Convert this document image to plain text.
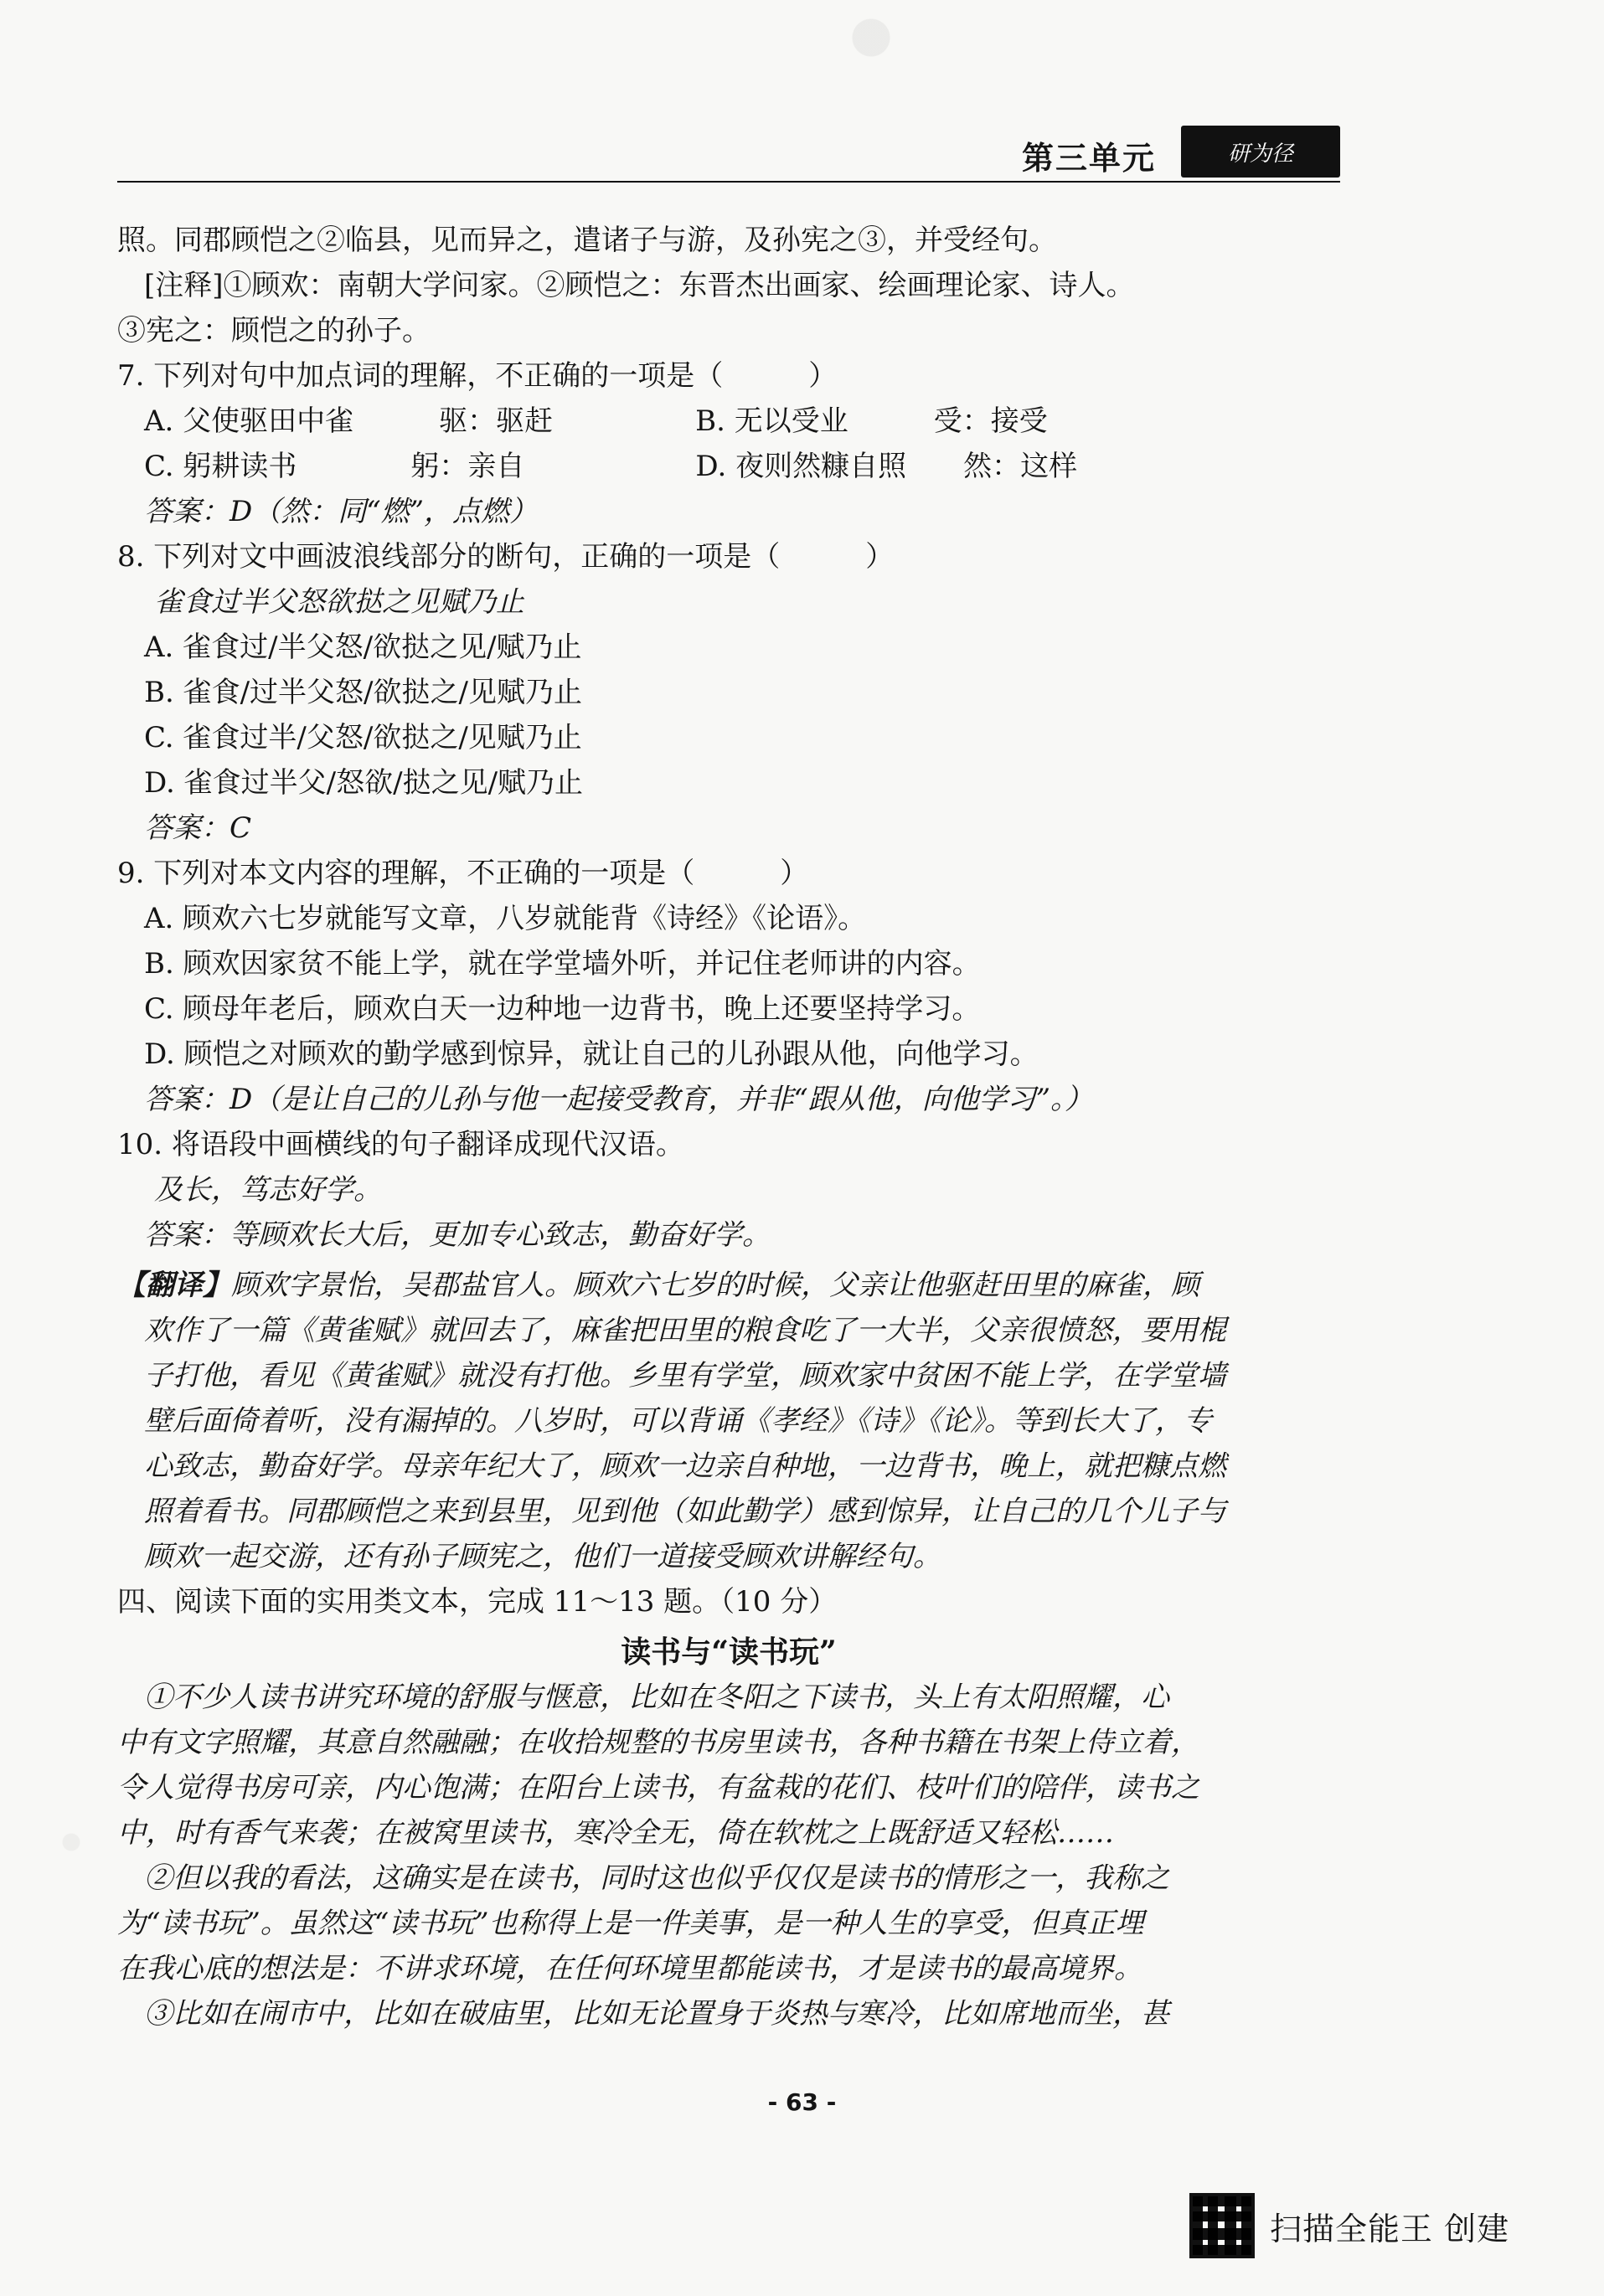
第三单元	研为径
照。同郡顾恺之②临县，见而异之，遣诸子与游，及孙宪之③，并受经句。
[注释]①顾欢：南朝大学问家。②顾恺之：东晋杰出画家、绘画理论家、诗人。
③宪之：顾恺之的孙子。
7. 下列对句中加点词的理解，不正确的一项是（　　　）
A. 父使驱田中雀　　　驱：驱赶　　　　　B. 无以受业　　　受：接受
C. 躬耕读书　　　　躬：亲自　　　　　　D. 夜则然糠自照　　然：这样
答案：D（然：同“燃”，点燃）
8. 下列对文中画波浪线部分的断句，正确的一项是（　　　）
雀食过半父怒欲挞之见赋乃止
A. 雀食过/半父怒/欲挞之见/赋乃止
B. 雀食/过半父怒/欲挞之/见赋乃止
C. 雀食过半/父怒/欲挞之/见赋乃止
D. 雀食过半父/怒欲/挞之见/赋乃止
答案：C
9. 下列对本文内容的理解，不正确的一项是（　　　）
A. 顾欢六七岁就能写文章，八岁就能背《诗经》《论语》。
B. 顾欢因家贫不能上学，就在学堂墙外听，并记住老师讲的内容。
C. 顾母年老后，顾欢白天一边种地一边背书，晚上还要坚持学习。
D. 顾恺之对顾欢的勤学感到惊异，就让自己的儿孙跟从他，向他学习。
答案：D（是让自己的儿孙与他一起接受教育，并非“跟从他，向他学习”。）
10. 将语段中画横线的句子翻译成现代汉语。
及长，笃志好学。
答案：等顾欢长大后，更加专心致志，勤奋好学。
【翻译】顾欢字景怡，吴郡盐官人。顾欢六七岁的时候，父亲让他驱赶田里的麻雀，顾
欢作了一篇《黄雀赋》就回去了，麻雀把田里的粮食吃了一大半，父亲很愤怒，要用棍
子打他，看见《黄雀赋》就没有打他。乡里有学堂，顾欢家中贫困不能上学，在学堂墙
壁后面倚着听，没有漏掉的。八岁时，可以背诵《孝经》《诗》《论》。等到长大了，专
心致志，勤奋好学。母亲年纪大了，顾欢一边亲自种地，一边背书，晚上，就把糠点燃
照着看书。同郡顾恺之来到县里，见到他（如此勤学）感到惊异，让自己的几个儿子与
顾欢一起交游，还有孙子顾宪之，他们一道接受顾欢讲解经句。
四、阅读下面的实用类文本，完成 11～13 题。（10 分）
读书与“读书玩”
①不少人读书讲究环境的舒服与惬意，比如在冬阳之下读书，头上有太阳照耀，心
中有文字照耀，其意自然融融；在收拾规整的书房里读书，各种书籍在书架上侍立着，
令人觉得书房可亲，内心饱满；在阳台上读书，有盆栽的花们、枝叶们的陪伴，读书之
中，时有香气来袭；在被窝里读书，寒冷全无，倚在软枕之上既舒适又轻松……
②但以我的看法，这确实是在读书，同时这也似乎仅仅是读书的情形之一，我称之
为“读书玩”。虽然这“读书玩”也称得上是一件美事，是一种人生的享受，但真正埋
在我心底的想法是：不讲求环境，在任何环境里都能读书，才是读书的最高境界。
③比如在闹市中，比如在破庙里，比如无论置身于炎热与寒冷，比如席地而坐，甚
- 63 -
扫描全能王 创建
